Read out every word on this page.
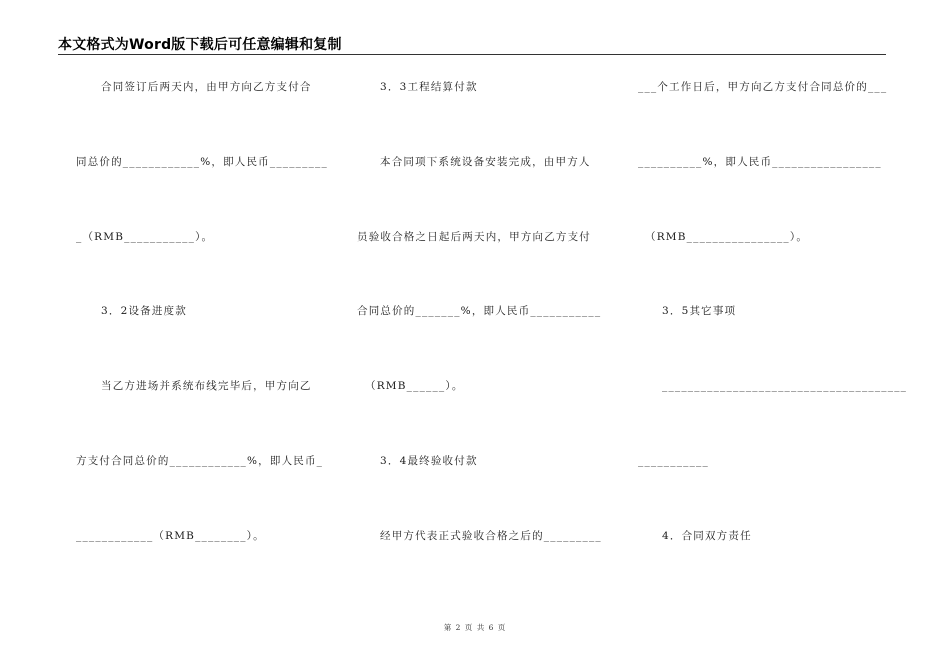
本文格式为Word版下载后可任意编辑和复制
合同签订后两天内，由甲方向乙方支付合
同总价的____________%，即人民币_________
_（RMB___________）。
3．2设备进度款
当乙方进场并系统布线完毕后，甲方向乙
方支付合同总价的____________%，即人民币_
____________（RMB________）。
3．3工程结算付款
本合同项下系统设备安装完成，由甲方人
员验收合格之日起后两天内，甲方向乙方支付
合同总价的_______%，即人民币___________
（RMB______）。
3．4最终验收付款
经甲方代表正式验收合格之后的_________
___个工作日后，甲方向乙方支付合同总价的___
__________%，即人民币_________________
（RMB________________）。
3．5其它事项
______________________________________
___________
4．合同双方责任
第 2 页 共 6 页
